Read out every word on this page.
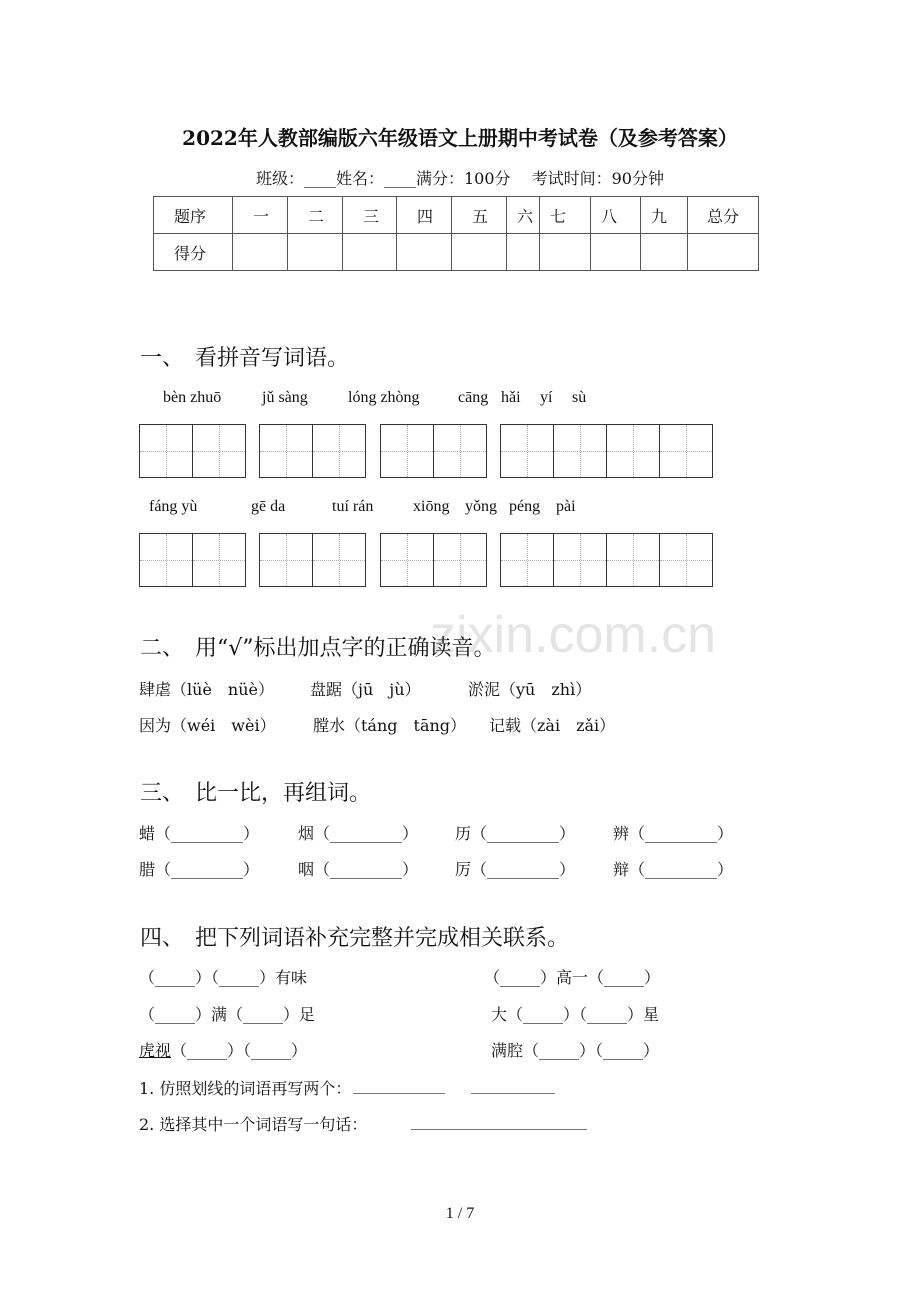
zixin.com.cn
2022年人教部编版六年级语文上册期中考试卷（及参考答案）
班级：____姓名：____满分：100分　 考试时间：90分钟
题序	一	二	三	四	五	六	七	八	九	总分
得分										
一、　看拼音写词语。
bèn zhuō	jǔ sàng	lóng zhòng cāng hǎi yí sù
fáng yù	gē da	tuí rán xiōng yǒng péng pài
二、　用“√”标出加点字的正确读音。
肆虐（lüè　nüè） 盘踞（jū　jù）	淤泥（yū　zhì）
因为（wéi　wèi） 膛水（táng　tāng） 记载（zài　zǎi）
三、　比一比，再组词。
蜡（_________） 烟（_________） 历（_________） 辨（_________）
腊（_________） 咽（_________） 厉（_________） 辩（_________）
四、　把下列词语补充完整并完成相关联系。
（_____）（_____）有味	（_____）高一（_____）
（_____）满（_____）足	大（_____）（_____）星
虎视（_____）（_____）	满腔（_____）（_____）
1. 仿照划线的词语再写两个：
2. 选择其中一个词语写一句话：
1 / 7
